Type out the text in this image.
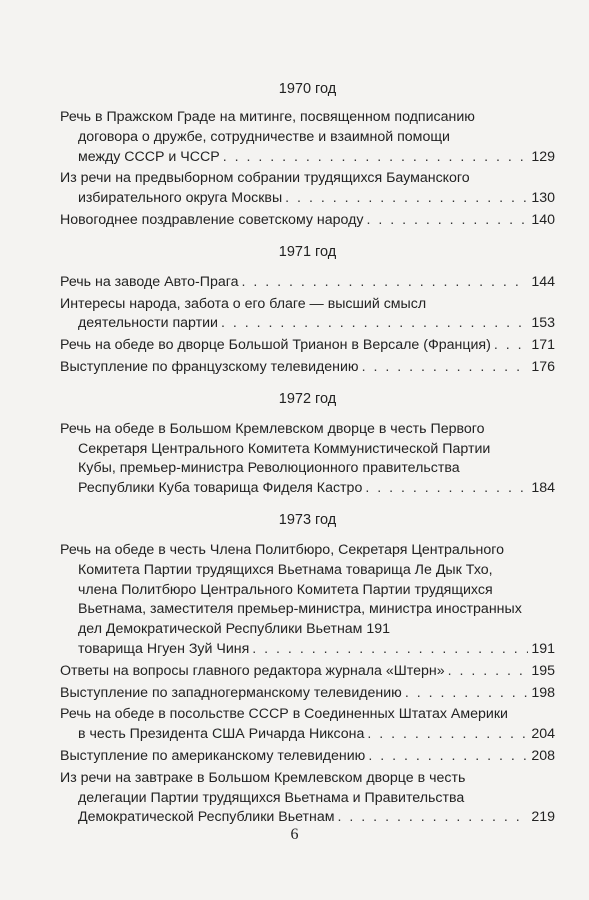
1970 год
Речь в Пражском Граде на митинге, посвященном подписанию
договора о дружбе, сотрудничестве и взаимной помощи
между СССР и ЧССР . . .	129
Из речи на предвыборном собрании трудящихся Бауманского
избирательного округа Москвы . . .	130
Новогоднее поздравление советскому народу . . .	140
1971 год
Речь на заводе Авто-Прага . . .	144
Интересы народа, забота о его благе — высший смысл
деятельности партии . . .	153
Речь на обеде во дворце Большой Трианон в Версале (Франция) . . .	171
Выступление по французскому телевидению . . .	176
1972 год
Речь на обеде в Большом Кремлевском дворце в честь Первого
Секретаря Центрального Комитета Коммунистической Партии
Кубы, премьер-министра Революционного правительства
Республики Куба товарища Фиделя Кастро . . .	184
1973 год
Речь на обеде в честь Члена Политбюро, Секретаря Центрального
Комитета Партии трудящихся Вьетнама товарища Ле Дык Тхо,
члена Политбюро Центрального Комитета Партии трудящихся
Вьетнама, заместителя премьер-министра, министра иностранных
дел Демократической Республики Вьетнам 191
товарища Нгуен Зуй Чиня . . .	191
Ответы на вопросы главного редактора журнала «Штерн» . . .	195
Выступление по западногерманскому телевидению . . .	198
Речь на обеде в посольстве СССР в Соединенных Штатах Америки
в честь Президента США Ричарда Никсона . . .	204
Выступление по американскому телевидению . . .	208
Из речи на завтраке в Большом Кремлевском дворце в честь
делегации Партии трудящихся Вьетнама и Правительства
Демократической Республики Вьетнам . . .	219
6
